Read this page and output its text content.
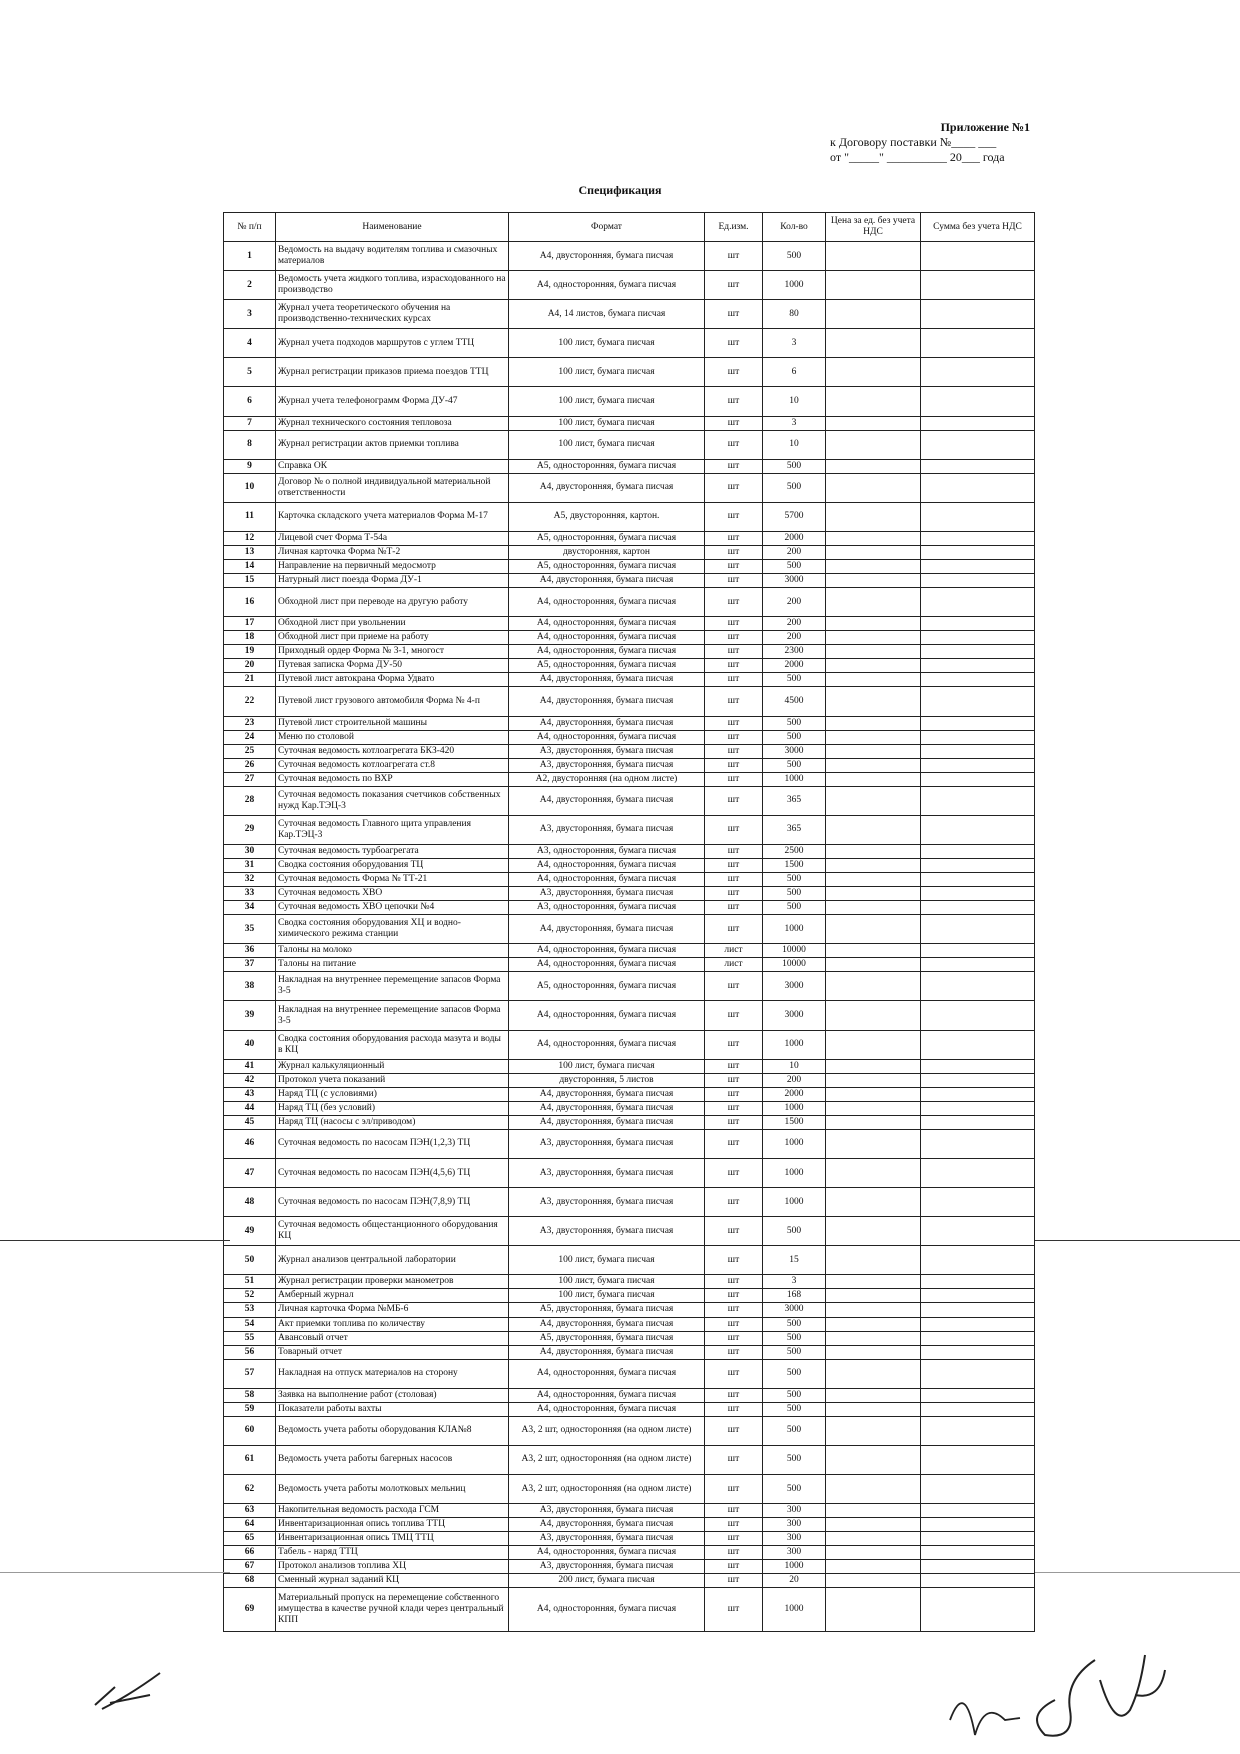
Приложение №1
к Договору поставки №____ ___
от "_____" __________ 20___ года
Спецификация
№ п/п	Наименование	Формат	Ед.изм.	Кол-во	Цена за ед. без учета НДС	Сумма без учета НДС
1	Ведомость на выдачу водителям топлива и смазочных материалов	А4, двусторонняя, бумага писчая	шт	500		
2	Ведомость учета жидкого топлива, израсходованного на производство	А4, односторонняя, бумага писчая	шт	1000		
3	Журнал учета теоретического обучения на производственно-технических курсах	А4, 14 листов, бумага писчая	шт	80		
4	Журнал учета подходов маршрутов с углем ТТЦ	100 лист, бумага писчая	шт	3		
5	Журнал регистрации приказов приема поездов ТТЦ	100 лист, бумага писчая	шт	6		
6	Журнал учета телефонограмм Форма ДУ-47	100 лист, бумага писчая	шт	10		
7	Журнал технического состояния тепловоза	100 лист, бумага писчая	шт	3		
8	Журнал регистрации актов приемки топлива	100 лист, бумага писчая	шт	10		
9	Справка ОК	А5, односторонняя, бумага писчая	шт	500		
10	Договор № о полной индивидуальной материальной ответственности	А4, двусторонняя, бумага писчая	шт	500		
11	Карточка складского учета материалов Форма М-17	А5, двусторонняя, картон.	шт	5700		
12	Лицевой счет Форма Т-54а	А5, односторонняя, бумага писчая	шт	2000		
13	Личная карточка Форма №Т-2	двусторонняя, картон	шт	200		
14	Направление на первичный медосмотр	А5, односторонняя, бумага писчая	шт	500		
15	Натурный лист поезда Форма ДУ-1	А4, двусторонняя, бумага писчая	шт	3000		
16	Обходной лист при переводе на другую работу	А4, односторонняя, бумага писчая	шт	200		
17	Обходной лист при увольнении	А4, односторонняя, бумага писчая	шт	200		
18	Обходной лист при приеме на работу	А4, односторонняя, бумага писчая	шт	200		
19	Приходный ордер Форма № 3-1, многост	А4, односторонняя, бумага писчая	шт	2300		
20	Путевая записка Форма ДУ-50	А5, односторонняя, бумага писчая	шт	2000		
21	Путевой лист автокрана Форма Удвато	А4, двусторонняя, бумага писчая	шт	500		
22	Путевой лист грузового автомобиля Форма № 4-п	А4, двусторонняя, бумага писчая	шт	4500		
23	Путевой лист строительной машины	А4, двусторонняя, бумага писчая	шт	500		
24	Меню по столовой	А4, односторонняя, бумага писчая	шт	500		
25	Суточная ведомость котлоагрегата БКЗ-420	А3, двусторонняя, бумага писчая	шт	3000		
26	Суточная ведомость котлоагрегата ст.8	А3, двусторонняя, бумага писчая	шт	500		
27	Суточная ведомость по ВХР	А2, двусторонняя (на одном листе)	шт	1000		
28	Суточная ведомость показания счетчиков собственных нужд Кар.ТЭЦ-3	А4, двусторонняя, бумага писчая	шт	365		
29	Суточная ведомость Главного щита управления Кар.ТЭЦ-3	А3, двусторонняя, бумага писчая	шт	365		
30	Суточная ведомость турбоагрегата	А3, односторонняя, бумага писчая	шт	2500		
31	Сводка состояния оборудования ТЦ	А4, односторонняя, бумага писчая	шт	1500		
32	Суточная ведомость Форма № ТТ-21	А4, односторонняя, бумага писчая	шт	500		
33	Суточная ведомость ХВО	А3, двусторонняя, бумага писчая	шт	500		
34	Суточная ведомость ХВО цепочки №4	А3, односторонняя, бумага писчая	шт	500		
35	Сводка состояния оборудования ХЦ и водно-химического режима станции	А4, двусторонняя, бумага писчая	шт	1000		
36	Талоны на молоко	А4, односторонняя, бумага писчая	лист	10000		
37	Талоны на питание	А4, односторонняя, бумага писчая	лист	10000		
38	Накладная на внутреннее перемещение запасов Форма 3-5	А5, односторонняя, бумага писчая	шт	3000		
39	Накладная на внутреннее перемещение запасов Форма 3-5	А4, односторонняя, бумага писчая	шт	3000		
40	Сводка состояния оборудования расхода мазута и воды в КЦ	А4, односторонняя, бумага писчая	шт	1000		
41	Журнал калькуляционный	100 лист, бумага писчая	шт	10		
42	Протокол учета показаний	двусторонняя, 5 листов	шт	200		
43	Наряд ТЦ (с условиями)	А4, двусторонняя, бумага писчая	шт	2000		
44	Наряд ТЦ (без условий)	А4, двусторонняя, бумага писчая	шт	1000		
45	Наряд ТЦ (насосы с эл/приводом)	А4, двусторонняя, бумага писчая	шт	1500		
46	Суточная ведомость по насосам ПЭН(1,2,3) ТЦ	А3, двусторонняя, бумага писчая	шт	1000		
47	Суточная ведомость по насосам ПЭН(4,5,6) ТЦ	А3, двусторонняя, бумага писчая	шт	1000		
48	Суточная ведомость по насосам ПЭН(7,8,9) ТЦ	А3, двусторонняя, бумага писчая	шт	1000		
49	Суточная ведомость общестанционного оборудования КЦ	А3, двусторонняя, бумага писчая	шт	500		
50	Журнал анализов центральной лаборатории	100 лист, бумага писчая	шт	15		
51	Журнал регистрации проверки манометров	100 лист, бумага писчая	шт	3		
52	Амберный журнал	100 лист, бумага писчая	шт	168		
53	Личная карточка Форма №МБ-6	А5, двусторонняя, бумага писчая	шт	3000		
54	Акт приемки топлива по количеству	А4, двусторонняя, бумага писчая	шт	500		
55	Авансовый отчет	А5, двусторонняя, бумага писчая	шт	500		
56	Товарный отчет	А4, двусторонняя, бумага писчая	шт	500		
57	Накладная на отпуск материалов на сторону	А4, односторонняя, бумага писчая	шт	500		
58	Заявка на выполнение работ (столовая)	А4, односторонняя, бумага писчая	шт	500		
59	Показатели работы вахты	А4, односторонняя, бумага писчая	шт	500		
60	Ведомость учета работы оборудования КЛА№8	А3, 2 шт, односторонняя (на одном листе)	шт	500		
61	Ведомость учета работы багерных насосов	А3, 2 шт, односторонняя (на одном листе)	шт	500		
62	Ведомость учета работы молотковых мельниц	А3, 2 шт, односторонняя (на одном листе)	шт	500		
63	Накопительная ведомость расхода ГСМ	А3, двусторонняя, бумага писчая	шт	300		
64	Инвентаризационная опись топлива ТТЦ	А4, двусторонняя, бумага писчая	шт	300		
65	Инвентаризационная опись ТМЦ ТТЦ	А3, двусторонняя, бумага писчая	шт	300		
66	Табель - наряд ТТЦ	А4, односторонняя, бумага писчая	шт	300		
67	Протокол анализов топлива ХЦ	А3, двусторонняя, бумага писчая	шт	1000		
68	Сменный журнал заданий КЦ	200 лист, бумага писчая	шт	20		
69	Материальный пропуск на перемещение собственного имущества в качестве ручной клади через центральный КПП	А4, односторонняя, бумага писчая	шт	1000		
